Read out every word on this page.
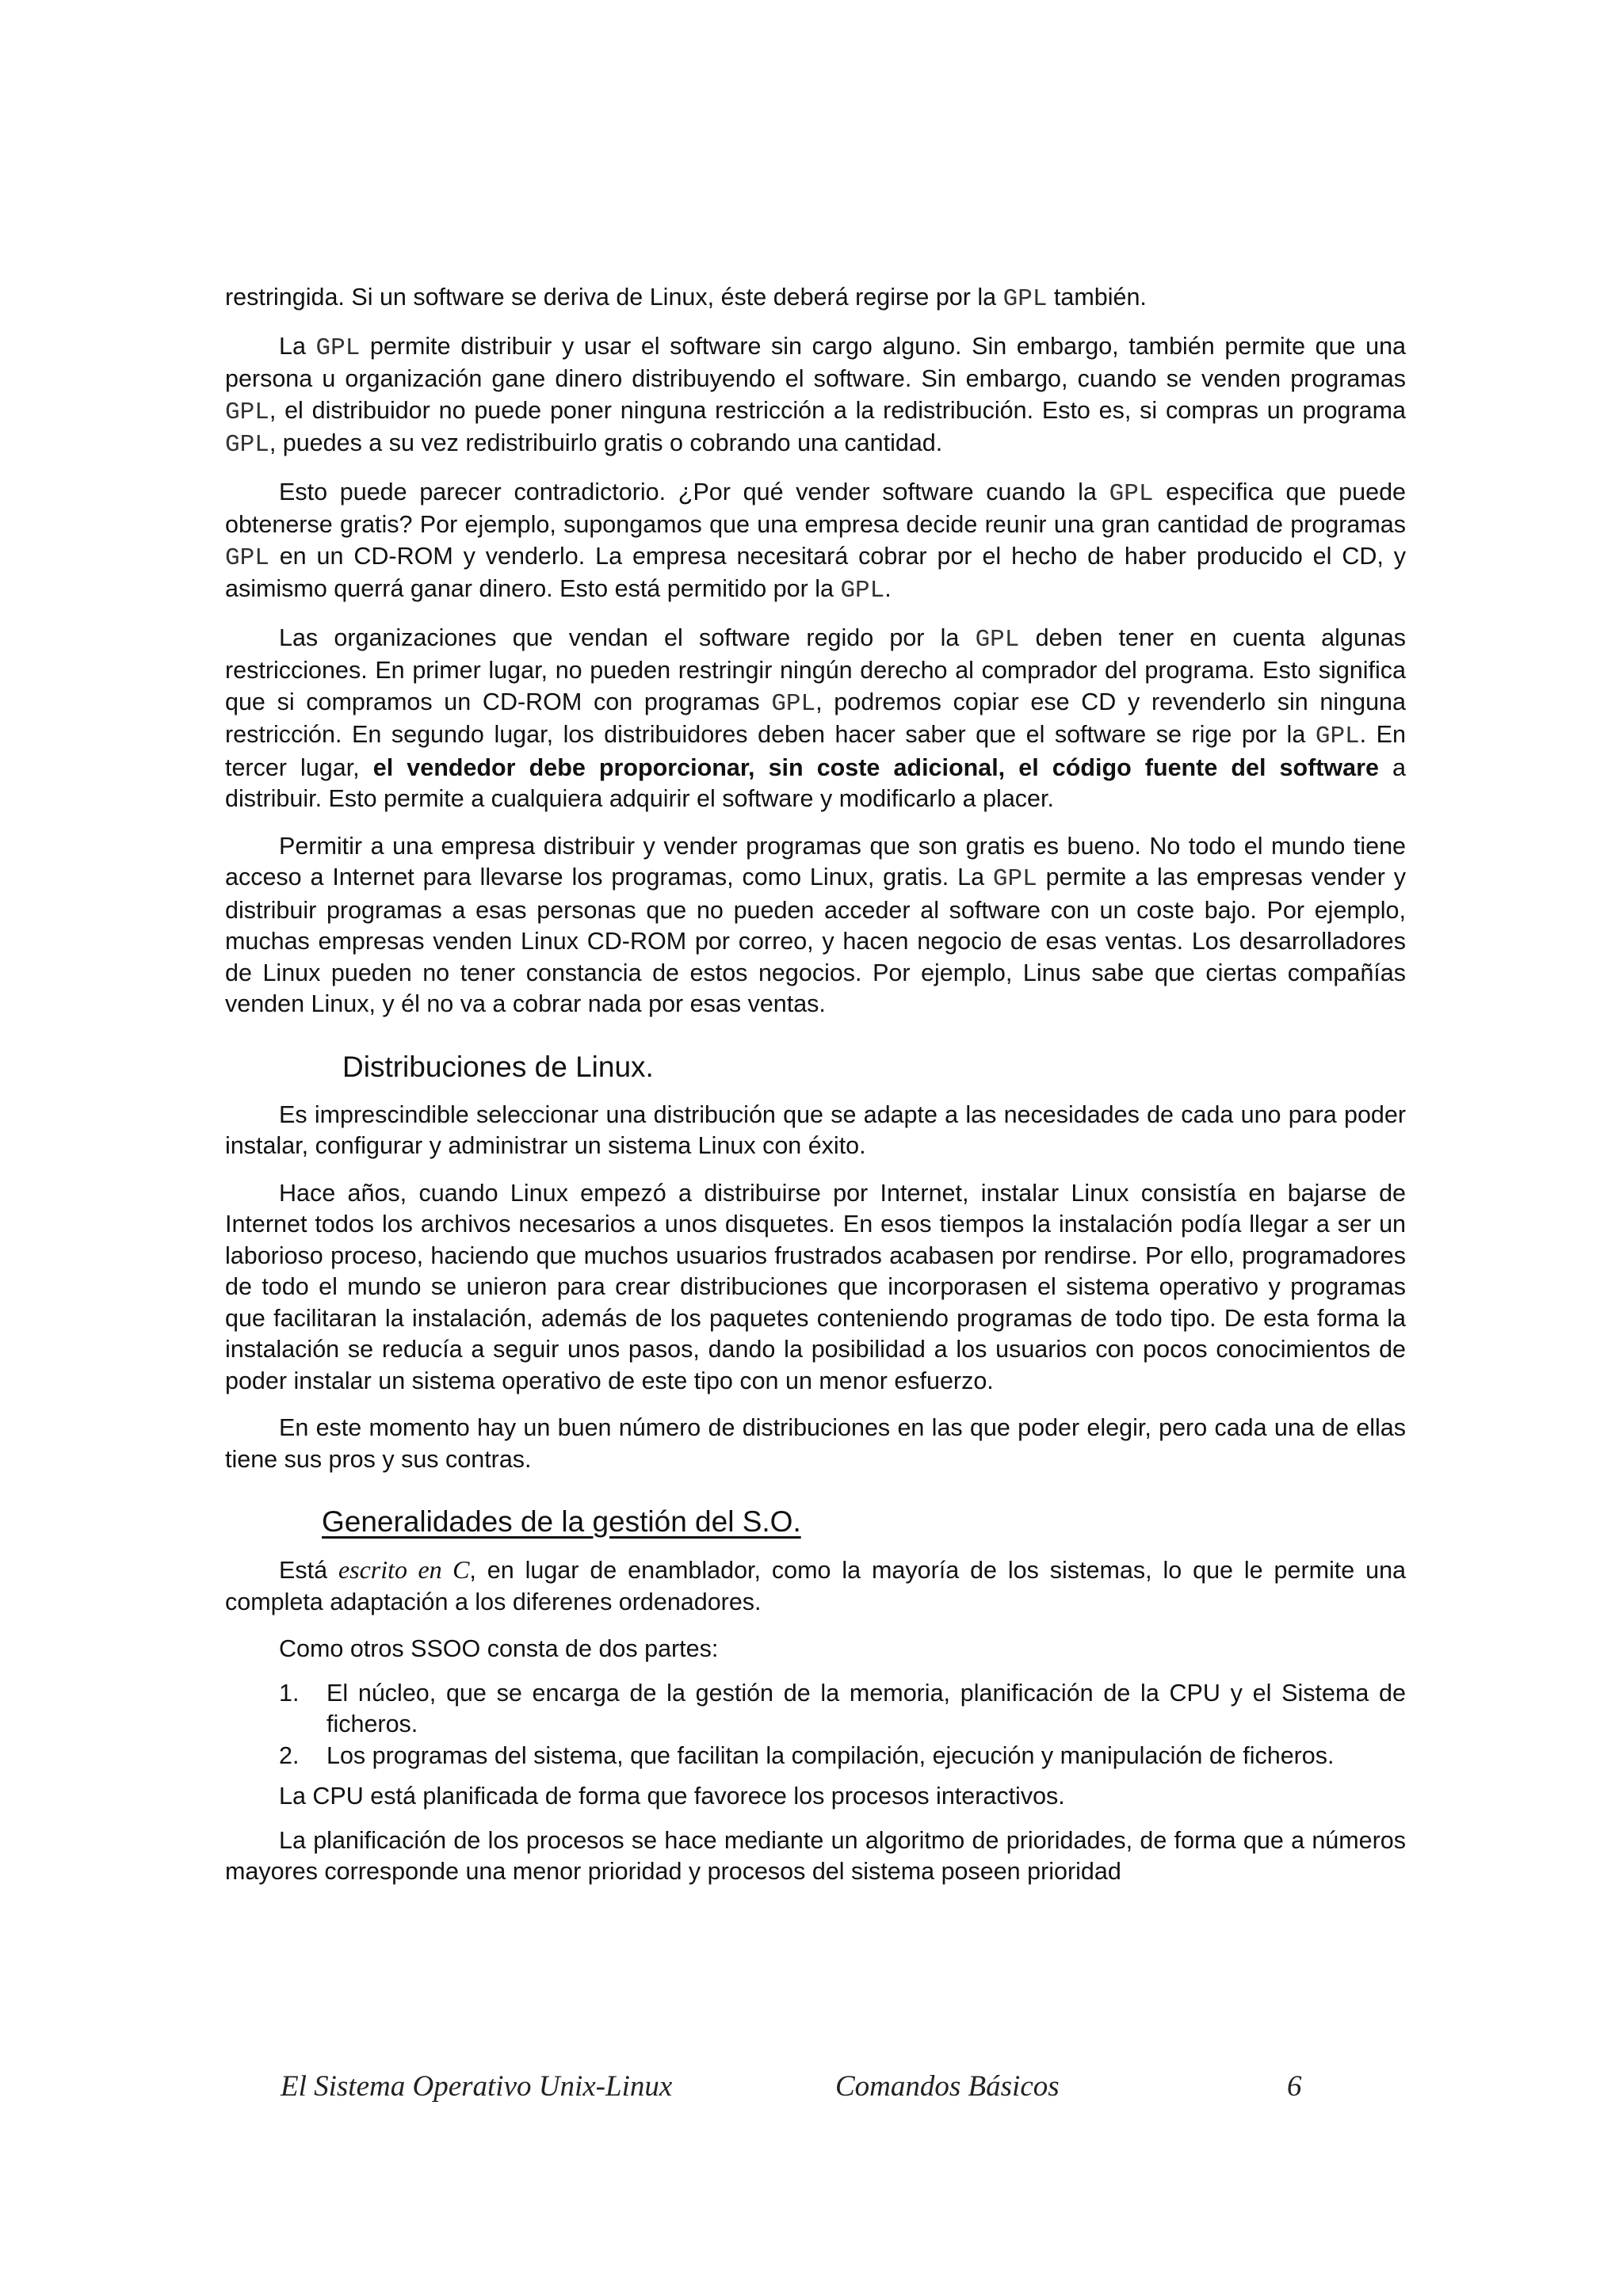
restringida. Si un software se deriva de Linux, éste deberá regirse por la GPL también.

La GPL permite distribuir y usar el software sin cargo alguno. Sin embargo, también permite que una persona u organización gane dinero distribuyendo el software. Sin embargo, cuando se venden programas GPL, el distribuidor no puede poner ninguna restricción a la redistribución. Esto es, si compras un programa GPL, puedes a su vez redistribuirlo gratis o cobrando una cantidad.

Esto puede parecer contradictorio. ¿Por qué vender software cuando la GPL especifica que puede obtenerse gratis? Por ejemplo, supongamos que una empresa decide reunir una gran cantidad de programas GPL en un CD-ROM y venderlo. La empresa necesitará cobrar por el hecho de haber producido el CD, y asimismo querrá ganar dinero. Esto está permitido por la GPL.

Las organizaciones que vendan el software regido por la GPL deben tener en cuenta algunas restricciones. En primer lugar, no pueden restringir ningún derecho al comprador del programa. Esto significa que si compramos un CD-ROM con programas GPL, podremos copiar ese CD y revenderlo sin ninguna restricción. En segundo lugar, los distribuidores deben hacer saber que el software se rige por la GPL. En tercer lugar, el vendedor debe proporcionar, sin coste adicional, el código fuente del software a distribuir. Esto permite a cualquiera adquirir el software y modificarlo a placer.

Permitir a una empresa distribuir y vender programas que son gratis es bueno. No todo el mundo tiene acceso a Internet para llevarse los programas, como Linux, gratis. La GPL permite a las empresas vender y distribuir programas a esas personas que no pueden acceder al software con un coste bajo. Por ejemplo, muchas empresas venden Linux CD-ROM por correo, y hacen negocio de esas ventas. Los desarrolladores de Linux pueden no tener constancia de estos negocios. Por ejemplo, Linus sabe que ciertas compañías venden Linux, y él no va a cobrar nada por esas ventas.

Distribuciones de Linux.

Es imprescindible seleccionar una distribución que se adapte a las necesidades de cada uno para poder instalar, configurar y administrar un sistema Linux con éxito.

Hace años, cuando Linux empezó a distribuirse por Internet, instalar Linux consistía en bajarse de Internet todos los archivos necesarios a unos disquetes. En esos tiempos la instalación podía llegar a ser un laborioso proceso, haciendo que muchos usuarios frustrados acabasen por rendirse. Por ello, programadores de todo el mundo se unieron para crear distribuciones que incorporasen el sistema operativo y programas que facilitaran la instalación, además de los paquetes conteniendo programas de todo tipo. De esta forma la instalación se reducía a seguir unos pasos, dando la posibilidad a los usuarios con pocos conocimientos de poder instalar un sistema operativo de este tipo con un menor esfuerzo.

En este momento hay un buen número de distribuciones en las que poder elegir, pero cada una de ellas tiene sus pros y sus contras.

Generalidades de la gestión del S.O.

Está escrito en C, en lugar de enamblador, como la mayoría de los sistemas, lo que le permite una completa adaptación a los diferenes ordenadores.

Como otros SSOO consta de dos partes:

1. El núcleo, que se encarga de la gestión de la memoria, planificación de la CPU y el Sistema de ficheros.
2. Los programas del sistema, que facilitan la compilación, ejecución y manipulación de ficheros.

La CPU está planificada de forma que favorece los procesos interactivos.

La planificación de los procesos se hace mediante un algoritmo de prioridades, de forma que a números mayores corresponde una menor prioridad y procesos del sistema poseen prioridad

El Sistema Operativo Unix-Linux	Comandos Básicos	6
